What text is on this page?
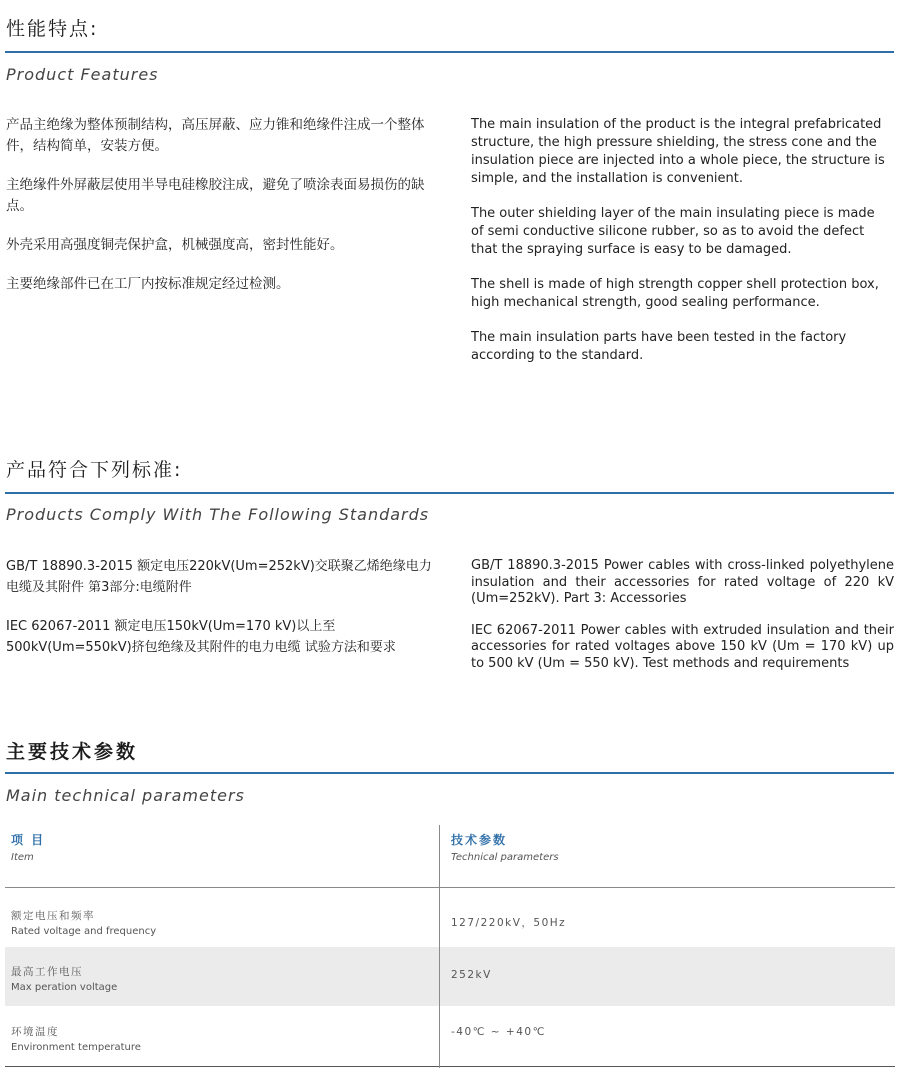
性能特点:
Product Features

产品主绝缘为整体预制结构，高压屏蔽、应力锥和绝缘件注成一个整体件，结构简单，安装方便。

主绝缘件外屏蔽层使用半导电硅橡胶注成，避免了喷涂表面易损伤的缺点。

外壳采用高强度铜壳保护盒，机械强度高，密封性能好。

主要绝缘部件已在工厂内按标准规定经过检测。

The main insulation of the product is the integral prefabricated structure, the high pressure shielding, the stress cone and the insulation piece are injected into a whole piece, the structure is simple, and the installation is convenient.

The outer shielding layer of the main insulating piece is made of semi conductive silicone rubber, so as to avoid the defect that the spraying surface is easy to be damaged.

The shell is made of high strength copper shell protection box, high mechanical strength, good sealing performance.

The main insulation parts have been tested in the factory according to the standard.

产品符合下列标准:
Products Comply With The Following Standards

GB/T 18890.3-2015 额定电压220kV(Um=252kV)交联聚乙烯绝缘电力电缆及其附件 第3部分:电缆附件

IEC 62067-2011 额定电压150kV(Um=170 kV)以上至500kV(Um=550kV)挤包绝缘及其附件的电力电缆 试验方法和要求

GB/T 18890.3-2015 Power cables with cross-linked polyethylene insulation and their accessories for rated voltage of 220 kV (Um=252kV). Part 3: Accessories

IEC 62067-2011 Power cables with extruded insulation and their accessories for rated voltages above 150 kV (Um = 170 kV) up to 500 kV (Um = 550 kV). Test methods and requirements

主要技术参数
Main technical parameters
项 目
Item
技术参数
Technical parameters
额定电压和频率
Rated voltage and frequency
127/220kV，50Hz
最高工作电压
Max peration voltage
252kV
环境温度
Environment temperature
-40℃ ~ +40℃
